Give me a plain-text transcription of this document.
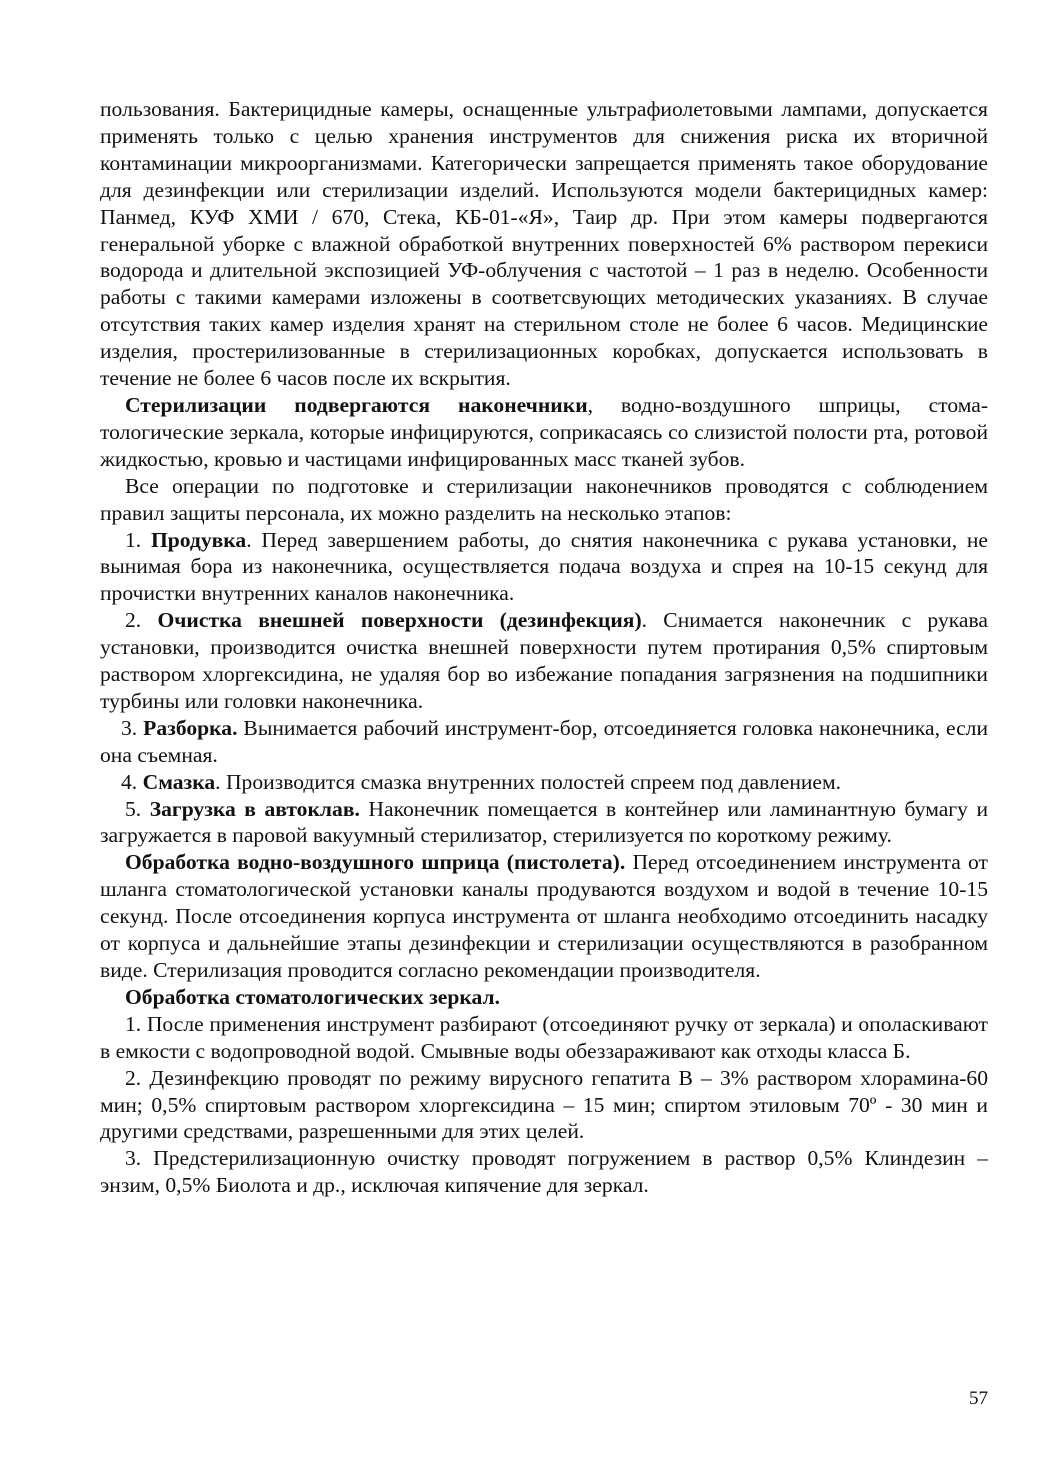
пользования. Бактерицидные камеры, оснащенные ультрафиолетовыми лампами, допускается применять только с целью хранения инструментов для снижения риска их вторичной контаминации микроорганизмами. Категорически запрещается применять такое оборудование для дезинфекции или стерилизации изделий. Используются модели бактерицидных камер: Панмед, КУФ ХМИ / 670, Стека, КБ-01-«Я», Таир др. При этом камеры подвергаются генеральной уборке с влажной обработкой внутренних поверхностей 6% раствором перекиси водорода и длительной экспозицией УФ-облучения с частотой – 1 раз в неделю. Особенности работы с такими камерами изложены в соответсвующих методических указаниях. В случае отсутствия таких камер изделия хранят на стерильном столе не более 6 часов. Медицинские изделия, простерилизованные в стерилизационных коробках, допускается использовать в течение не более 6 часов после их вскрытия.

Стерилизации подвергаются наконечники, водно-воздушного шприцы, стоматологические зеркала, которые инфицируются, соприкасаясь со слизистой полости рта, ротовой жидкостью, кровью и частицами инфицированных масс тканей зубов.

Все операции по подготовке и стерилизации наконечников проводятся с соблюдением правил защиты персонала, их можно разделить на несколько этапов:

1. Продувка. Перед завершением работы, до снятия наконечника с рукава установки, не вынимая бора из наконечника, осуществляется подача воздуха и спрея на 10-15 секунд для прочистки внутренних каналов наконечника.

2. Очистка внешней поверхности (дезинфекция). Снимается наконечник с рукава установки, производится очистка внешней поверхности путем протирания 0,5% спиртовым раствором хлоргексидина, не удаляя бор во избежание попадания загрязнения на подшипники турбины или головки наконечника.

3. Разборка. Вынимается рабочий инструмент-бор, отсоединяется головка наконечника, если она съемная.

4. Смазка. Производится смазка внутренних полостей спреем под давлением.

5. Загрузка в автоклав. Наконечник помещается в контейнер или ламинантную бумагу и загружается в паровой вакуумный стерилизатор, стерилизуется по короткому режиму.

Обработка водно-воздушного шприца (пистолета). Перед отсоединением инструмента от шланга стоматологической установки каналы продуваются воздухом и водой в течение 10-15 секунд. После отсоединения корпуса инструмента от шланга необходимо отсоединить насадку от корпуса и дальнейшие этапы дезинфекции и стерилизации осуществляются в разобранном виде. Стерилизация проводится согласно рекомендации производителя.

Обработка стоматологических зеркал.

1. После применения инструмент разбирают (отсоединяют ручку от зеркала) и ополаскивают в емкости с водопроводной водой. Смывные воды обеззараживают как отходы класса Б.

2. Дезинфекцию проводят по режиму вирусного гепатита В – 3% раствором хлорамина-60 мин; 0,5% спиртовым раствором хлоргексидина – 15 мин; спиртом этиловым 70º - 30 мин и другими средствами, разрешенными для этих целей.

3. Предстерилизационную очистку проводят погружением в раствор 0,5% Клиндезин – энзим, 0,5% Биолота и др., исключая кипячение для зеркал.

57
